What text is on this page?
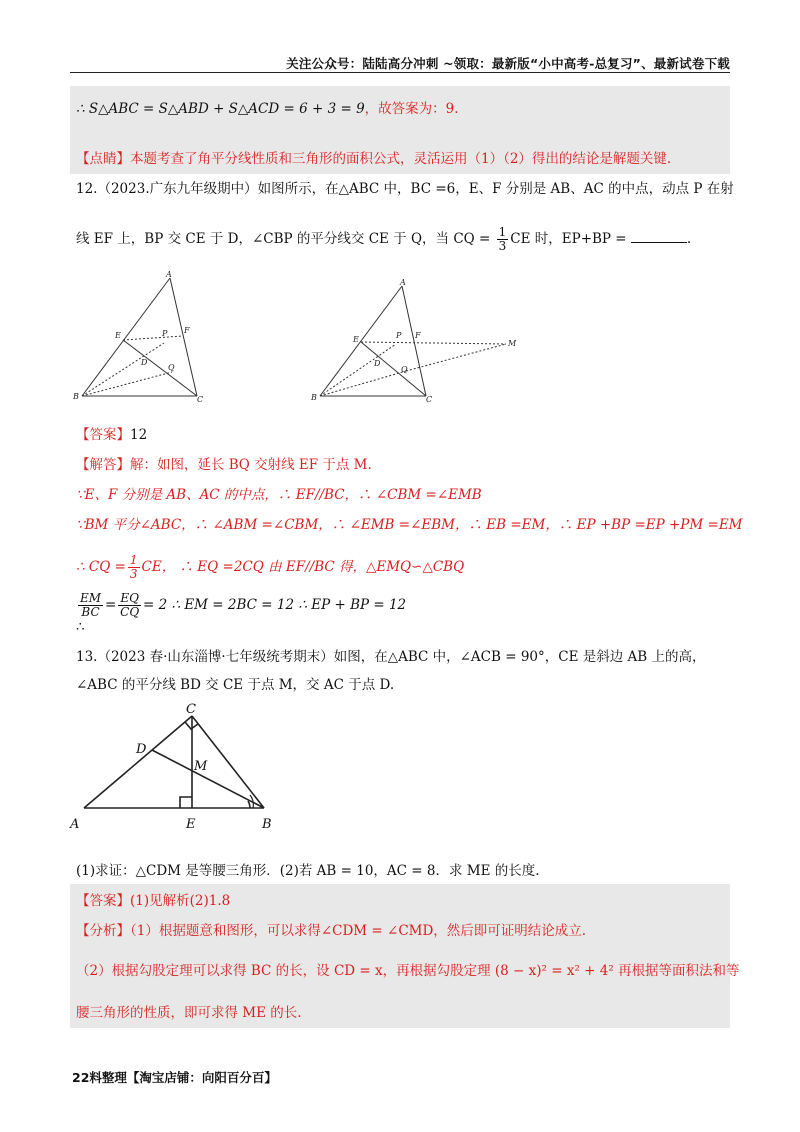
关注公众号：陆陆高分冲刺 ~领取：最新版“小中高考-总复习”、最新试卷下载
∴ S△ABC = S△ABD + S△ACD = 6 + 3 = 9，故答案为：9.
【点睛】本题考查了角平分线性质和三角形的面积公式，灵活运用（1）（2）得出的结论是解题关键.
12.（2023.广东九年级期中）如图所示，在△ABC 中，BC =6，E、F 分别是 AB、AC 的中点，动点 P 在射
线 EF 上，BP 交 CE 于 D，∠CBP 的平分线交 CE 于 Q，当 CQ = $\frac{1}{3}$ CE 时，EP+BP =	.
A
B	C
E
F
P
D
Q
A
B	C
E	F
P
D
Q
M
【答案】12
【解答】解：如图，延长 BQ 交射线 EF 于点 M.
∵E、F 分别是 AB、AC 的中点，∴ EF//BC，∴ ∠CBM =∠EMB
∵BM 平分∠ABC，∴ ∠ABM =∠CBM，∴ ∠EMB =∠EBM，∴ EB =EM，∴ EP +BP =EP +PM =EM
∴ CQ = $\frac{1}{3}$ CE， ∴ EQ =2CQ 由 EF//BC 得，△EMQ∽△CBQ
$\frac{EM}{BC} = \frac{EQ}{CQ} = 2$ ∴ EM = 2BC = 12 ∴ EP + BP = 12
∴
13.（2023 春·山东淄博·七年级统考期末）如图，在△ABC 中，∠ACB = 90°，CE 是斜边 AB 上的高，
∠ABC 的平分线 BD 交 CE 于点 M，交 AC 于点 D.
A	B
C
D
E
M
(1)求证：△CDM 是等腰三角形．(2)若 AB = 10，AC = 8．求 ME 的长度.
【答案】(1)见解析(2)1.8
【分析】（1）根据题意和图形，可以求得∠CDM = ∠CMD，然后即可证明结论成立.
（2）根据勾股定理可以求得 BC 的长，设 CD = x，再根据勾股定理 (8 − x)² = x² + 4² 再根据等面积法和等
腰三角形的性质，即可求得 ME 的长.
22料整理【淘宝店铺：向阳百分百】
